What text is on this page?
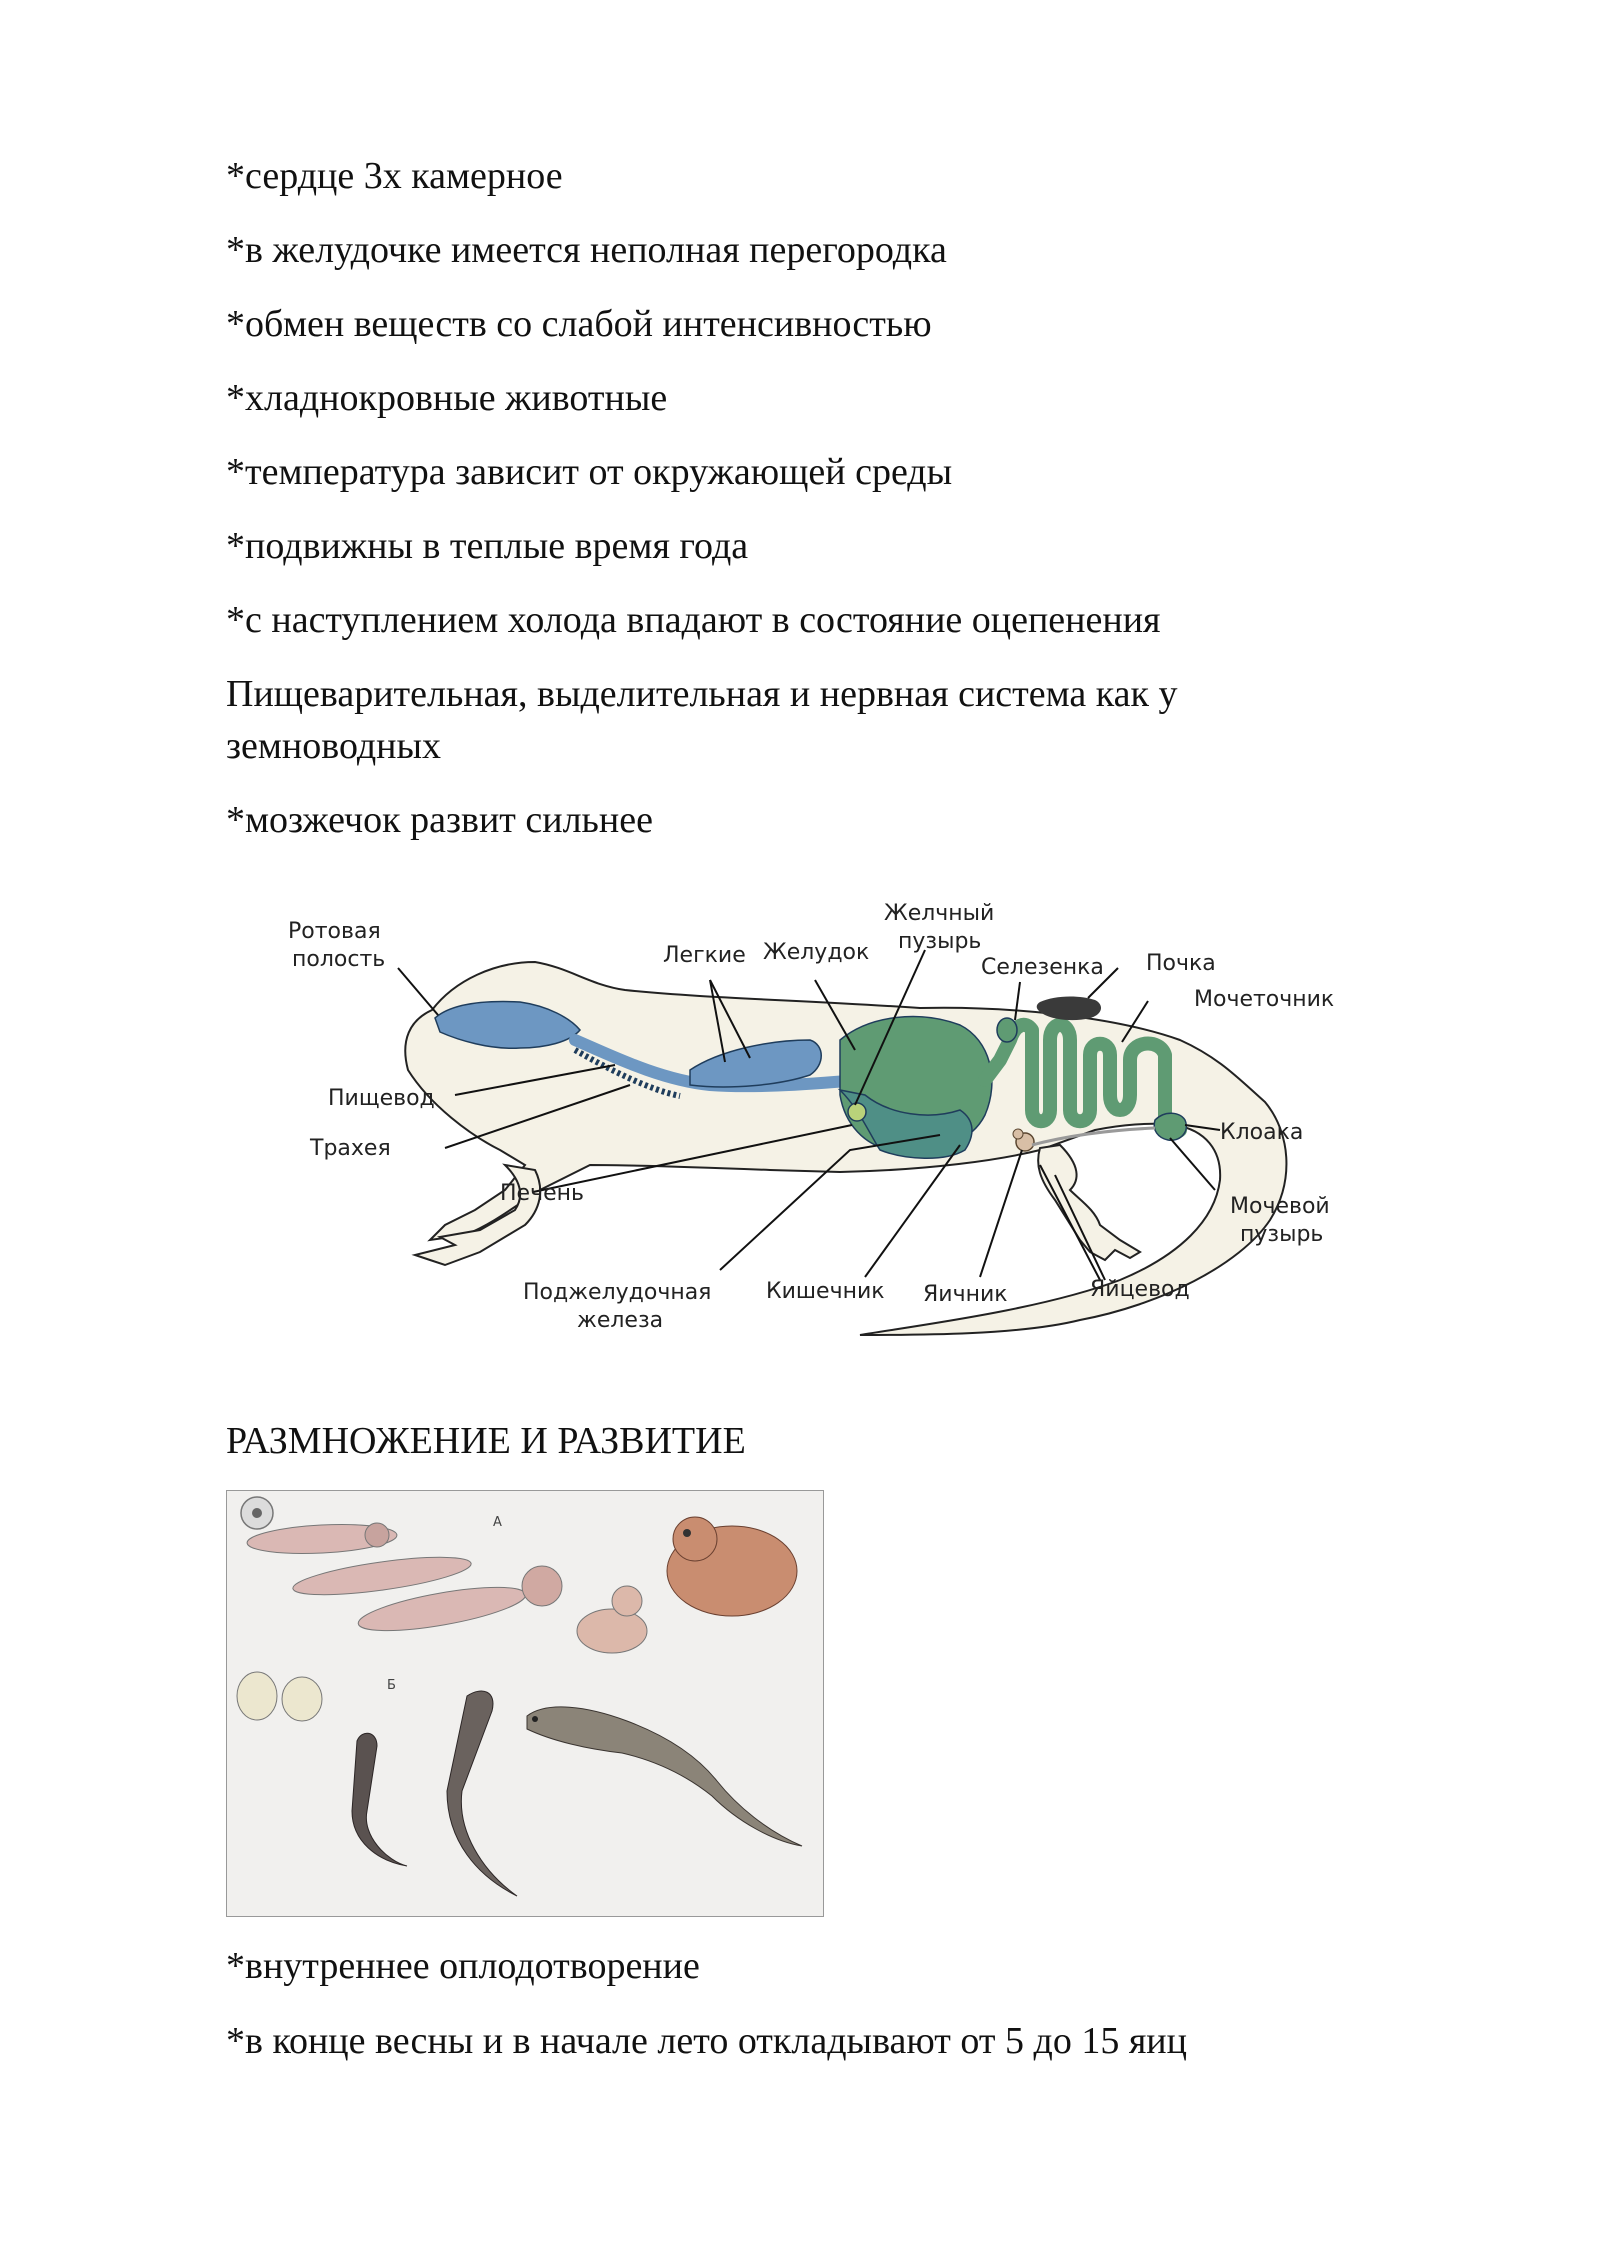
*сердце 3х камерное
*в желудочке имеется неполная перегородка
*обмен веществ со слабой интенсивностью
*хладнокровные животные
*температура зависит от окружающей среды
*подвижны в теплые время года
*с наступлением холода впадают в состояние оцепенения
Пищеварительная, выделительная и нервная система как у
земноводных
*мозжечок развит сильнее
Ротовая
полость
Пищевод
Трахея
Печень
Поджелудочная
железа
Легкие Желудок
Желчный
пузырь
Селезенка Почка
Мочеточник
Клоака
Мочевой
пузырь
Яйцевод
Яичник
Кишечник
РАЗМНОЖЕНИЕ И РАЗВИТИЕ
А
Б
*внутреннее оплодотворение
*в конце весны и в начале лето откладывают от 5 до 15 яиц
